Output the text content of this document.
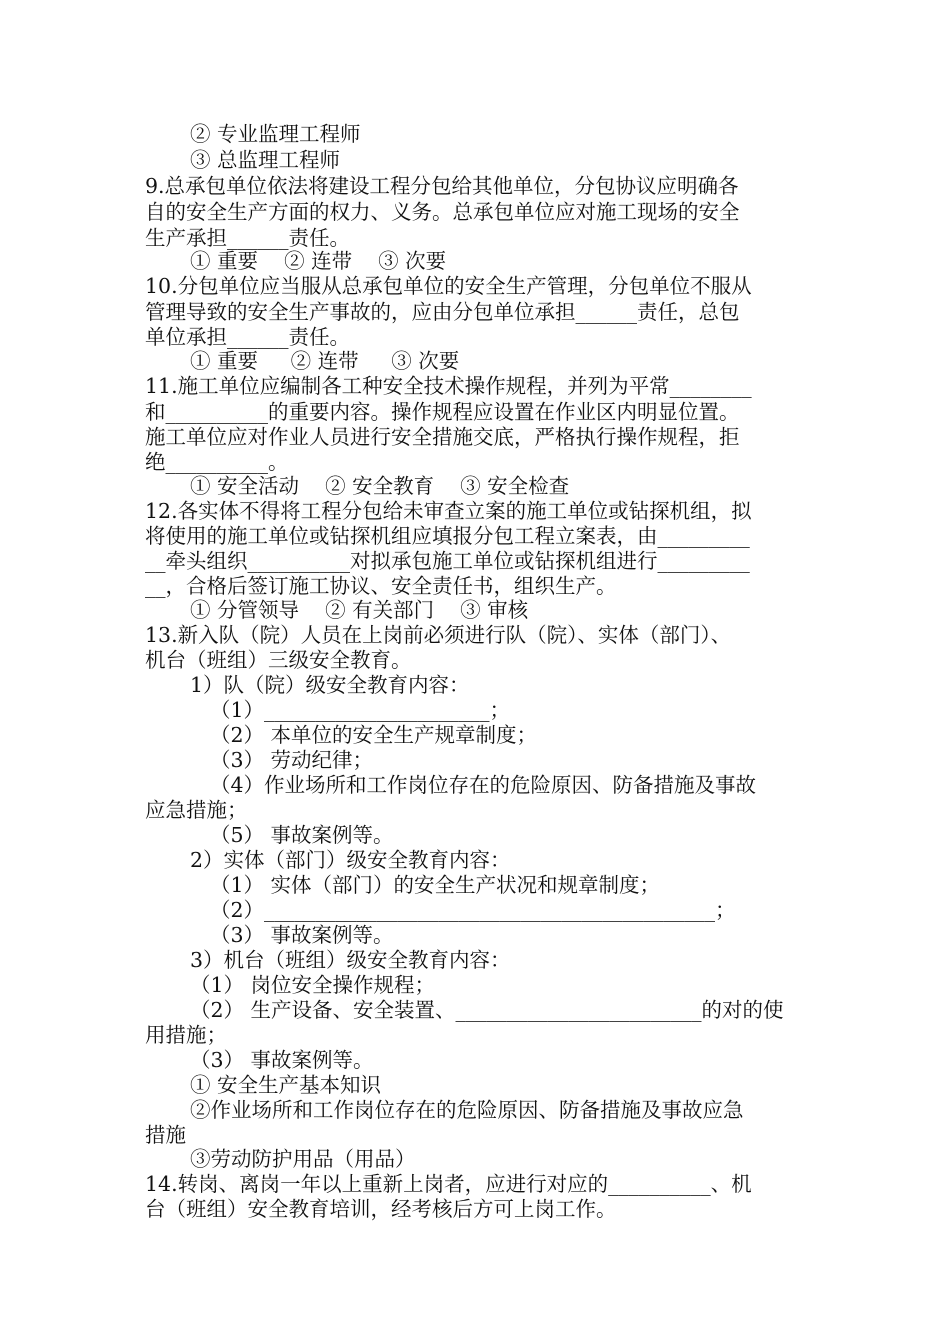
② 专业监理工程师
③ 总监理工程师
9.总承包单位依法将建设工程分包给其他单位，分包协议应明确各
自的安全生产方面的权力、义务。总承包单位应对施工现场的安全
生产承担______责任。
① 重要    ② 连带    ③ 次要
10.分包单位应当服从总承包单位的安全生产管理，分包单位不服从
管理导致的安全生产事故的，应由分包单位承担______责任，总包
单位承担______责任。
① 重要     ② 连带     ③ 次要
11.施工单位应编制各工种安全技术操作规程，并列为平常________
和__________的重要内容。操作规程应设置在作业区内明显位置。
施工单位应对作业人员进行安全措施交底，严格执行操作规程，拒
绝__________。
① 安全活动    ② 安全教育    ③ 安全检查
12.各实体不得将工程分包给未审查立案的施工单位或钻探机组，拟
将使用的施工单位或钻探机组应填报分包工程立案表，由_________
__牵头组织__________对拟承包施工单位或钻探机组进行_________
__，合格后签订施工协议、安全责任书，组织生产。
① 分管领导    ② 有关部门    ③ 审核
13.新入队（院）人员在上岗前必须进行队（院）、实体（部门）、
机台（班组）三级安全教育。
1）队（院）级安全教育内容：
（1）______________________；
（2） 本单位的安全生产规章制度；
（3） 劳动纪律；
（4）作业场所和工作岗位存在的危险原因、防备措施及事故
应急措施；
（5） 事故案例等。
2）实体（部门）级安全教育内容：
（1） 实体（部门）的安全生产状况和规章制度；
（2）____________________________________________；
（3） 事故案例等。
3）机台（班组）级安全教育内容：
（1） 岗位安全操作规程；
（2） 生产设备、安全装置、________________________的对的使
用措施；
（3） 事故案例等。
① 安全生产基本知识
②作业场所和工作岗位存在的危险原因、防备措施及事故应急
措施
③劳动防护用品（用品）
14.转岗、离岗一年以上重新上岗者，应进行对应的__________、机
台（班组）安全教育培训，经考核后方可上岗工作。
